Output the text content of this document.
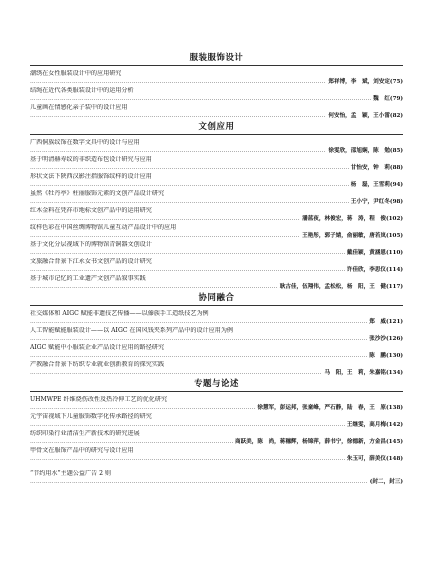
服装服饰设计
潮绣在女性服装设计中的应用研究
……………………………………………………………………………………………………………………………………………………………………………………………………………………………………………………………
郑祥博，李　斌，刘安定 (75)
结绳在近代各类服装设计中的运用分析
……………………………………………………………………………………………………………………………………………………………………………………………………………………………………………………………
魏　红 (79)
儿童画在情感化亲子装中的设计应用
……………………………………………………………………………………………………………………………………………………………………………………………………………………………………………………………
何安怡，孟　颖，王小雷 (82)
文创应用
广西侗族纹饰在数字文具中的设计与应用
……………………………………………………………………………………………………………………………………………………………………………………………………………………………………………………………
徐雯欣，邵旭娴，陈　勉 (85)
基于明清赫寿纹的非织造布包设计研究与应用
……………………………………………………………………………………………………………………………………………………………………………………………………………………………………………………………
甘怡安，钟　莉 (88)
形状文法下陕西汉影注指服饰纹样的设计应用
……………………………………………………………………………………………………………………………………………………………………………………………………………………………………………………………
杨　磊，王雪莉 (94)
虽然《牡丹亭》柱丽服饰元素的文创产品设计研究
……………………………………………………………………………………………………………………………………………………………………………………………………………………………………………………………
王小宁，尹红冬 (98)
红木金料在凭祥市地标文创产品中的运用研究
……………………………………………………………………………………………………………………………………………………………………………………………………………………………………………………………
潘蓝夜，林俊宏，蒋　涛，程　俊 (102)
纹样色彩在中国丝绸博物馆儿童互动产品设计中的应用
……………………………………………………………………………………………………………………………………………………………………………………………………………………………………………………………
王艳彤，郭子婧，俞丽敏，唐若岚 (105)
基于文化分层视域下的博物馆青铜器文创设计
……………………………………………………………………………………………………………………………………………………………………………………………………………………………………………………………
戴佳颖，黄涵恩 (110)
文旅融合背景下江永女书文创产品的设计研究
……………………………………………………………………………………………………………………………………………………………………………………………………………………………………………………………
许佳欣，李思仪 (114)
基于城市记忆的工业遗产文创产品叙事实践
……………………………………………………………………………………………………………………………………………………………………………………………………………………………………………………………
耿古佳，伍翔伟，孟松松，杨　阳，王　健 (117)
协同融合
社交媒体和 AIGC 赋能非遗技艺传播——以傣族手工造纸技艺为例
……………………………………………………………………………………………………………………………………………………………………………………………………………………………………………………………
郑　威 (121)
人工智能赋能服装设计——以 AIGC 在国风钱夹系列产品中的设计应用为例
……………………………………………………………………………………………………………………………………………………………………………………………………………………………………………………………
张沙沙 (126)
AIGC 赋能中小服装企业产品设计应用的路径研究
……………………………………………………………………………………………………………………………………………………………………………………………………………………………………………………………
陈　鹏 (130)
产教融合背景下纺织专业就业创新教育的探究实践
……………………………………………………………………………………………………………………………………………………………………………………………………………………………………………………………
马　阳，王　莉，朱嘉铭 (134)
专题与论述
UHMWPE 纤维烧伤改性及热冷伸工艺的优化研究
……………………………………………………………………………………………………………………………………………………………………………………………………………………………………………………………
徐慧军，彭运邦，张童峰，严石静，陆　春，王　原 (138)
元宇宙视域下儿童服饰数字化传承路径的研究
……………………………………………………………………………………………………………………………………………………………………………………………………………………………………………………………
王继雯，高月梅 (142)
纺织印染行业清洁生产新技术的研究进展
……………………………………………………………………………………………………………………………………………………………………………………………………………………………………………………………
商跃美，陈　尚，蒋穗辉，杨锦萍，薛书宁，徐德新，方金昌 (145)
甲骨文在服饰产品中的研究与设计应用
……………………………………………………………………………………………………………………………………………………………………………………………………………………………………………………………
朱玉可，薛美仪 (148)
“节约用水”主题公益广告 2 则
……………………………………………………………………………………………………………………………………………………………………………………………………………………………………………………………
(封二，封三)
